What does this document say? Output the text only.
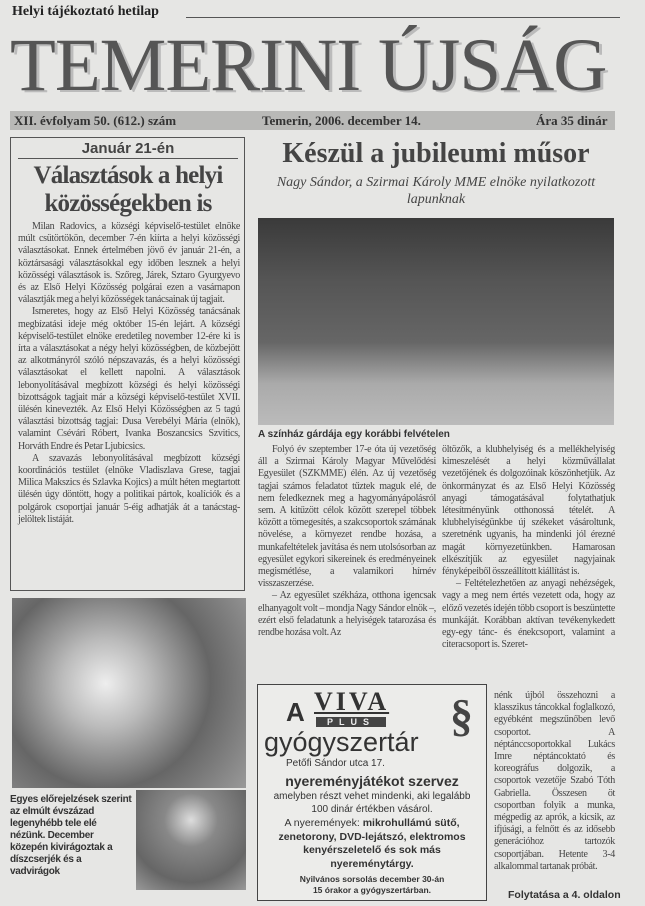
Helyi tájékoztató hetilap
TEMERINI ÚJSÁG
XII. évfolyam 50. (612.) szám	Temerin, 2006. december 14.	Ára 35 dinár
Január 21-én
Választások a helyi közösségekben is

Milan Radovics, a községi képviselő-testület elnöke múlt csütörtökön, december 7-én kiírta a helyi közösségi választásokat. Ennek értelmében jövő év január 21-én, a köztársasági választásokkal egy időben lesznek a helyi közösségi választások is. Szőreg, Járek, Sztaro Gyurgyevo és az Első Helyi Közösség polgárai ezen a vasárnapon választják meg a helyi közösségek tanácsainak új tagjait.

Ismeretes, hogy az Első Helyi Közösség tanácsának megbízatási ideje még október 15-én lejárt. A községi képviselő-testület elnöke eredetileg november 12-ére ki is írta a választásokat a négy helyi közösségben, de közbejött az alkotmányról szóló népszavazás, és a helyi közösségi választásokat el kellett napolni. A választások lebonyolításával megbízott községi és helyi közösségi bizottságok tagjait már a községi képviselő-testület XVII. ülésén kinevezték. Az Első Helyi Közösségben az 5 tagú választási bizottság tagjai: Dusa Verebélyi Mária (elnök), valamint Csévári Róbert, Ivanka Boszancsics Szvitics, Horváth Endre és Petar Ljubicsics.

A szavazás lebonyolításával megbízott községi koordinációs testület (elnöke Vladiszlava Grese, tagjai Milica Makszics és Szlavka Kojics) a múlt héten megtartott ülésén úgy döntött, hogy a politikai pártok, koalíciók és a polgárok csoportjai január 5-éig adhatják át a tanácstag-jelöltek listáját.

Egyes előrejelzések szerint az elmúlt évszázad legenyhébb tele elé nézünk. December közepén kivirágoztak a díszcserjék és a vadvirágok
Készül a jubileumi műsor
Nagy Sándor, a Szirmai Károly MME elnöke nyilatkozott lapunknak
A színház gárdája egy korábbi felvételen

Folyó év szeptember 17-e óta új vezetőség áll a Szirmai Károly Magyar Művelődési Egyesület (SZKMME) élén. Az új vezetőség tagjai számos feladatot tűztek maguk elé, de nem feledkeznek meg a hagyományápolásról sem. A kitűzött célok között szerepel többek között a tömegesítés, a szakcsoportok számának növelése, a környezet rendbe hozása, a munkafeltételek javítása és nem utolsósorban az egyesület egykori sikereinek és eredményeinek megismétlése, a valamikori hírnév visszaszerzése.

– Az egyesület székháza, otthona igencsak elhanyagolt volt – mondja Nagy Sándor elnök –, ezért első feladatunk a helyiségek tatarozása és rendbe hozása volt. Az

öltözők, a klubhelyiség és a mellékhelyiség kimeszelését a helyi közművállalat vezetőjének és dolgozóinak köszönhetjük. Az önkormányzat és az Első Helyi Közösség anyagi támogatásával folytathatjuk létesítményünk otthonossá tételét. A klubhelyiségünkbe új székeket vásároltunk, szeretnénk ugyanis, ha mindenki jól érezné magát környezetünkben. Hamarosan elkészítjük az egyesület nagyjainak fényképeiből összeállított kiállítást is.

– Feltételezhetően az anyagi nehézségek, vagy a meg nem értés vezetett oda, hogy az előző vezetés idején több csoport is beszüntette munkáját. Korábban aktívan tevékenykedett egy-egy tánc- és énekcsoport, valamint a citeracsoport is. Szeret-

nénk újból összehozni a klasszikus táncokkal foglalkozó, egyébként megszűnőben levő csoportot. A néptánccsoportokkal Lukács Imre néptáncoktató és koreográfus dolgozik, a csoportok vezetője Szabó Tóth Gabriella. Összesen öt csoportban folyik a munka, mégpedig az aprók, a kicsik, az ifjúsági, a felnőtt és az idősebb generációhoz tartozók csoportjában. Hetente 3-4 alkalommal tartanak próbát.

Folytatása a 4. oldalon
A VIVA
PLUS
gyógyszertár
§
Petőfi Sándor utca 17.
nyereményjátékot szervez
amelyben részt vehet mindenki, aki legalább 100 dinár értékben vásárol.
A nyeremények: mikrohullámú sütő, zenetorony, DVD-lejátszó, elektromos kenyérszeletelő és sok más nyereménytárgy.
Nyilvános sorsolás december 30-án 15 órakor a gyógyszertárban.
